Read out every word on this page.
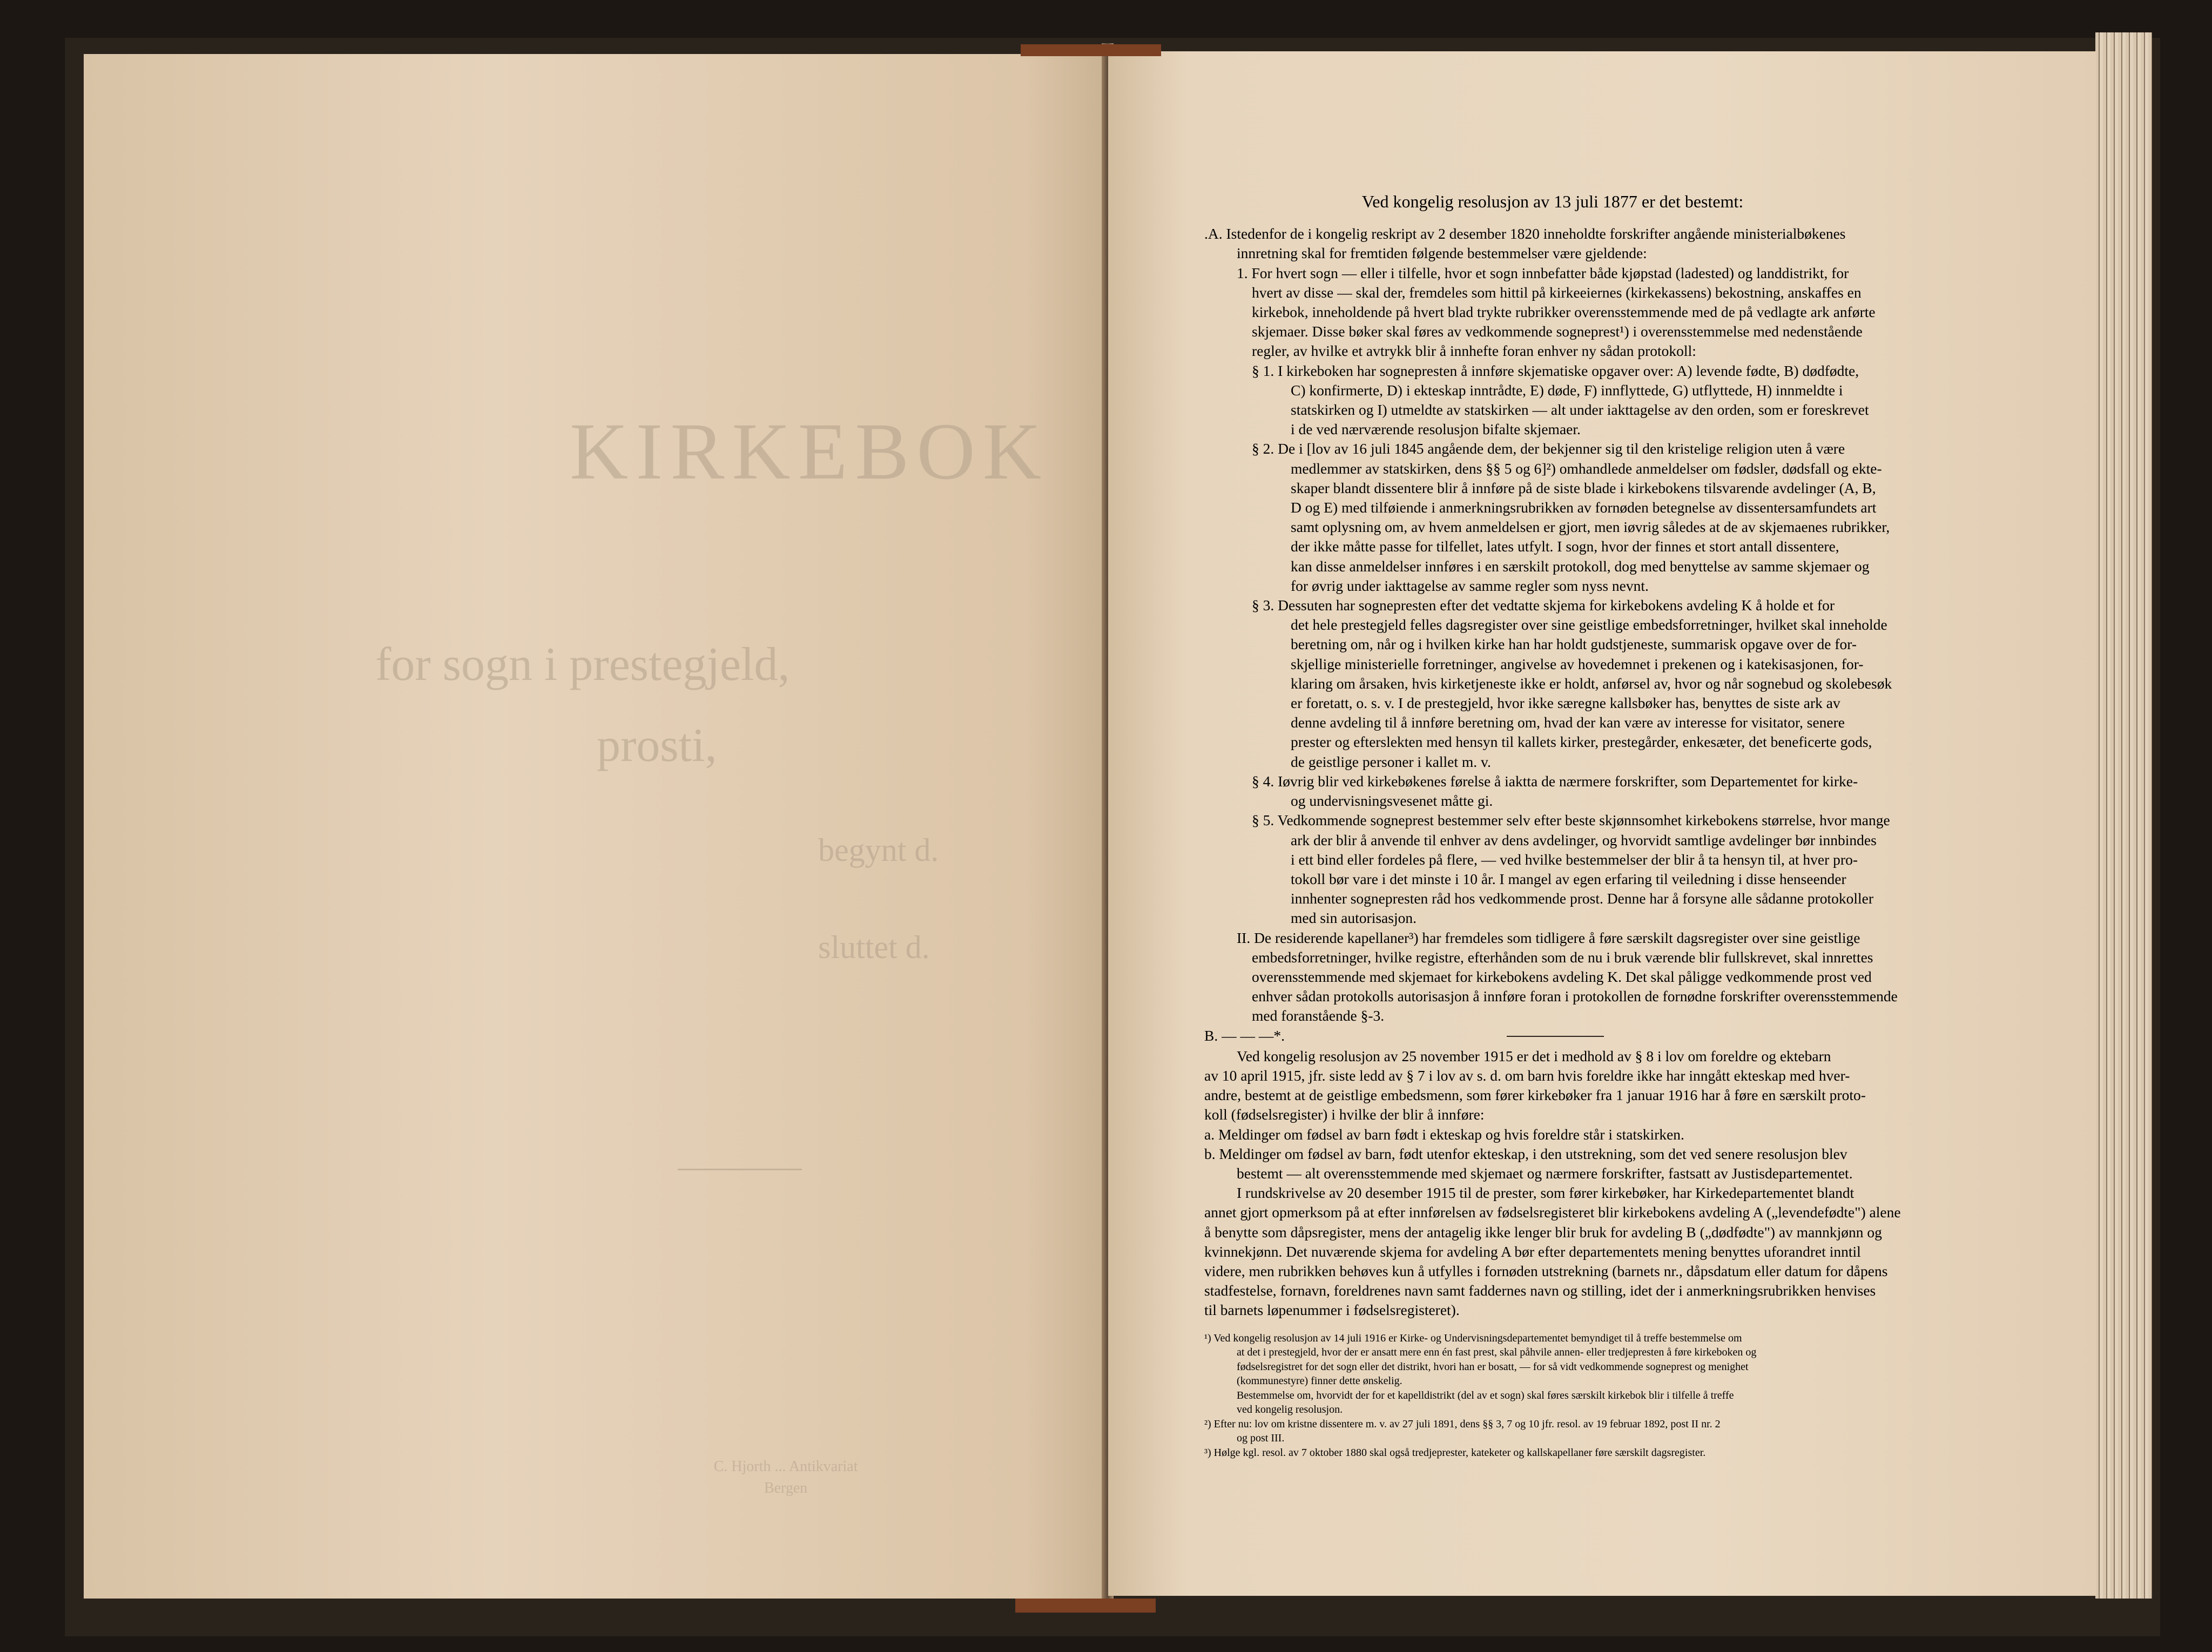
KIRKEBOK
for sogn i prestegjeld,
prosti,
begynt d.
sluttet d.
C. Hjorth ... Antikvariat
Bergen
Ved kongelig resolusjon av 13 juli 1877 er det bestemt:
.A. Istedenfor de i kongelig reskript av 2 desember 1820 inneholdte forskrifter angående ministerialbøkenes
innretning skal for fremtiden følgende bestemmelser være gjeldende:
1. For hvert sogn — eller i tilfelle, hvor et sogn innbefatter både kjøpstad (ladested) og landdistrikt, for
hvert av disse — skal der, fremdeles som hittil på kirkeeiernes (kirkekassens) bekostning, anskaffes en
kirkebok, inneholdende på hvert blad trykte rubrikker overensstemmende med de på vedlagte ark anførte
skjemaer. Disse bøker skal føres av vedkommende sogneprest¹) i overensstemmelse med nedenstående
regler, av hvilke et avtrykk blir å innhefte foran enhver ny sådan protokoll:
§ 1. I kirkeboken har sognepresten å innføre skjematiske opgaver over: A) levende fødte, B) dødfødte,
C) konfirmerte, D) i ekteskap inntrådte, E) døde, F) innflyttede, G) utflyttede, H) innmeldte i
statskirken og I) utmeldte av statskirken — alt under iakttagelse av den orden, som er foreskrevet
i de ved nærværende resolusjon bifalte skjemaer.
§ 2. De i [lov av 16 juli 1845 angående dem, der bekjenner sig til den kristelige religion uten å være
medlemmer av statskirken, dens §§ 5 og 6]²) omhandlede anmeldelser om fødsler, dødsfall og ekte-
skaper blandt dissentere blir å innføre på de siste blade i kirkebokens tilsvarende avdelinger (A, B,
D og E) med tilføiende i anmerkningsrubrikken av fornøden betegnelse av dissentersamfundets art
samt oplysning om, av hvem anmeldelsen er gjort, men iøvrig således at de av skjemaenes rubrikker,
der ikke måtte passe for tilfellet, lates utfylt. I sogn, hvor der finnes et stort antall dissentere,
kan disse anmeldelser innføres i en særskilt protokoll, dog med benyttelse av samme skjemaer og
for øvrig under iakttagelse av samme regler som nyss nevnt.
§ 3. Dessuten har sognepresten efter det vedtatte skjema for kirkebokens avdeling K å holde et for
det hele prestegjeld felles dagsregister over sine geistlige embedsforretninger, hvilket skal inneholde
beretning om, når og i hvilken kirke han har holdt gudstjeneste, summarisk opgave over de for-
skjellige ministerielle forretninger, angivelse av hovedemnet i prekenen og i katekisasjonen, for-
klaring om årsaken, hvis kirketjeneste ikke er holdt, anførsel av, hvor og når sognebud og skolebesøk
er foretatt, o. s. v. I de prestegjeld, hvor ikke særegne kallsbøker has, benyttes de siste ark av
denne avdeling til å innføre beretning om, hvad der kan være av interesse for visitator, senere
prester og efterslekten med hensyn til kallets kirker, prestegårder, enkesæter, det beneficerte gods,
de geistlige personer i kallet m. v.
§ 4. Iøvrig blir ved kirkebøkenes førelse å iaktta de nærmere forskrifter, som Departementet for kirke-
og undervisningsvesenet måtte gi.
§ 5. Vedkommende sogneprest bestemmer selv efter beste skjønnsomhet kirkebokens størrelse, hvor mange
ark der blir å anvende til enhver av dens avdelinger, og hvorvidt samtlige avdelinger bør innbindes
i ett bind eller fordeles på flere, — ved hvilke bestemmelser der blir å ta hensyn til, at hver pro-
tokoll bør vare i det minste i 10 år. I mangel av egen erfaring til veiledning i disse henseender
innhenter sognepresten råd hos vedkommende prost. Denne har å forsyne alle sådanne protokoller
med sin autorisasjon.
II. De residerende kapellaner³) har fremdeles som tidligere å føre særskilt dagsregister over sine geistlige
embedsforretninger, hvilke registre, efterhånden som de nu i bruk værende blir fullskrevet, skal innrettes
overensstemmende med skjemaet for kirkebokens avdeling K. Det skal påligge vedkommende prost ved
enhver sådan protokolls autorisasjon å innføre foran i protokollen de fornødne forskrifter overensstemmende
med foranstående §-3.
B. — — —*.
Ved kongelig resolusjon av 25 november 1915 er det i medhold av § 8 i lov om foreldre og ektebarn
av 10 april 1915, jfr. siste ledd av § 7 i lov av s. d. om barn hvis foreldre ikke har inngått ekteskap med hver-
andre, bestemt at de geistlige embedsmenn, som fører kirkebøker fra 1 januar 1916 har å føre en særskilt proto-
koll (fødselsregister) i hvilke der blir å innføre:
a. Meldinger om fødsel av barn født i ekteskap og hvis foreldre står i statskirken.
b. Meldinger om fødsel av barn, født utenfor ekteskap, i den utstrekning, som det ved senere resolusjon blev
bestemt — alt overensstemmende med skjemaet og nærmere forskrifter, fastsatt av Justisdepartementet.
I rundskrivelse av 20 desember 1915 til de prester, som fører kirkebøker, har Kirkedepartementet blandt
annet gjort opmerksom på at efter innførelsen av fødselsregisteret blir kirkebokens avdeling A („levendefødte") alene
å benytte som dåpsregister, mens der antagelig ikke lenger blir bruk for avdeling B („dødfødte") av mannkjønn og
kvinnekjønn. Det nuværende skjema for avdeling A bør efter departementets mening benyttes uforandret inntil
videre, men rubrikken behøves kun å utfylles i fornøden utstrekning (barnets nr., dåpsdatum eller datum for dåpens
stadfestelse, fornavn, foreldrenes navn samt faddernes navn og stilling, idet der i anmerkningsrubrikken henvises
til barnets løpenummer i fødselsregisteret).
¹) Ved kongelig resolusjon av 14 juli 1916 er Kirke- og Undervisningsdepartementet bemyndiget til å treffe bestemmelse om
at det i prestegjeld, hvor der er ansatt mere enn én fast prest, skal påhvile annen- eller tredjepresten å føre kirkeboken og
fødselsregistret for det sogn eller det distrikt, hvori han er bosatt, — for så vidt vedkommende sogneprest og menighet
(kommunestyre) finner dette ønskelig.
Bestemmelse om, hvorvidt der for et kapelldistrikt (del av et sogn) skal føres særskilt kirkebok blir i tilfelle å treffe
ved kongelig resolusjon.
²) Efter nu: lov om kristne dissentere m. v. av 27 juli 1891, dens §§ 3, 7 og 10 jfr. resol. av 19 februar 1892, post II nr. 2
og post III.
³) Hølge kgl. resol. av 7 oktober 1880 skal også tredjeprester, kateketer og kallskapellaner føre særskilt dagsregister.
